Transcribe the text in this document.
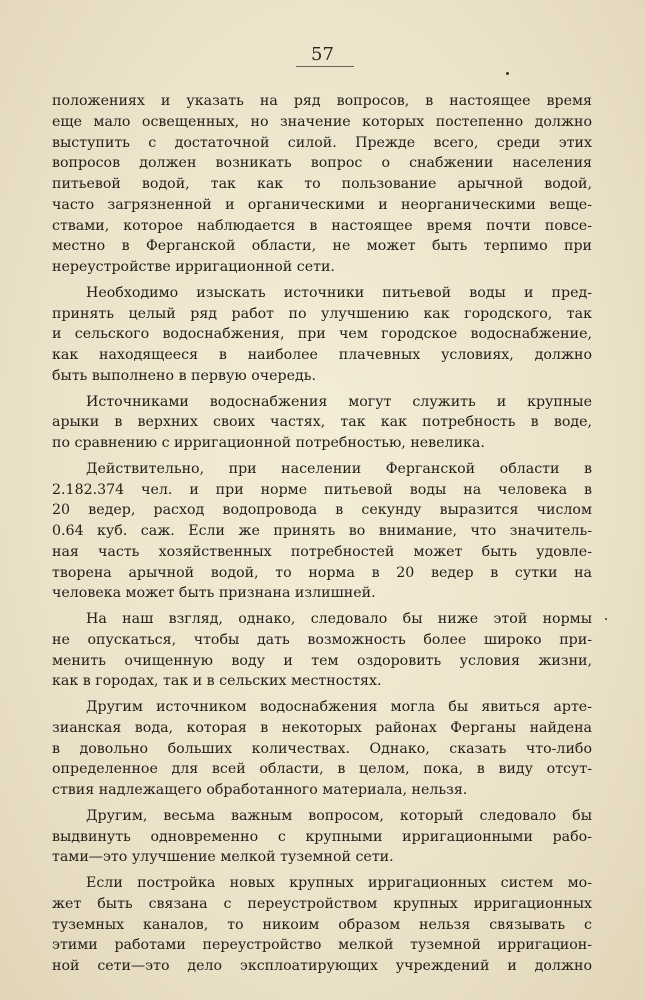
57
положениях и указать на ряд вопросов, в настоящее время
еще мало освещенных, но значение которых постепенно должно
выступить с достаточной силой. Прежде всего, среди этих
вопросов должен возникать вопрос о снабжении населения
питьевой водой, так как то пользование арычной водой,
часто загрязненной и органическими и неорганическими веще-
ствами, которое наблюдается в настоящее время почти повсе-
местно в Ферганской области, не может быть терпимо при
нереустройстве ирригационной сети.
Необходимо изыскать источники питьевой воды и пред-
принять целый ряд работ по улучшению как городского, так
и сельского водоснабжения, при чем городское водоснабжение,
как находящееся в наиболее плачевных условиях, должно
быть выполнено в первую очередь.
Источниками водоснабжения могут служить и крупные
арыки в верхних своих частях, так как потребность в воде,
по сравнению с ирригационной потребностью, невелика.
Действительно, при населении Ферганской области в
2.182.374 чел. и при норме питьевой воды на человека в
20 ведер, расход водопровода в секунду выразится числом
0.64 куб. саж. Если же принять во внимание, что значитель-
ная часть хозяйственных потребностей может быть удовле-
творена арычной водой, то норма в 20 ведер в сутки на
человека может быть признана излишней.
На наш взгляд, однако, следовало бы ниже этой нормы
не опускаться, чтобы дать возможность более широко при-
менить очищенную воду и тем оздоровить условия жизни,
как в городах, так и в сельских местностях.
Другим источником водоснабжения могла бы явиться арте-
зианская вода, которая в некоторых районах Ферганы найдена
в довольно больших количествах. Однако, сказать что-либо
определенное для всей области, в целом, пока, в виду отсут-
ствия надлежащего обработанного материала, нельзя.
Другим, весьма важным вопросом, который следовало бы
выдвинуть одновременно с крупными ирригационными рабо-
тами—это улучшение мелкой туземной сети.
Если постройка новых крупных ирригационных систем мо-
жет быть связана с переустройством крупных ирригационных
туземных каналов, то никоим образом нельзя связывать с
этими работами переустройство мелкой туземной ирригацион-
ной сети—это дело эксплоатирующих учреждений и должно
